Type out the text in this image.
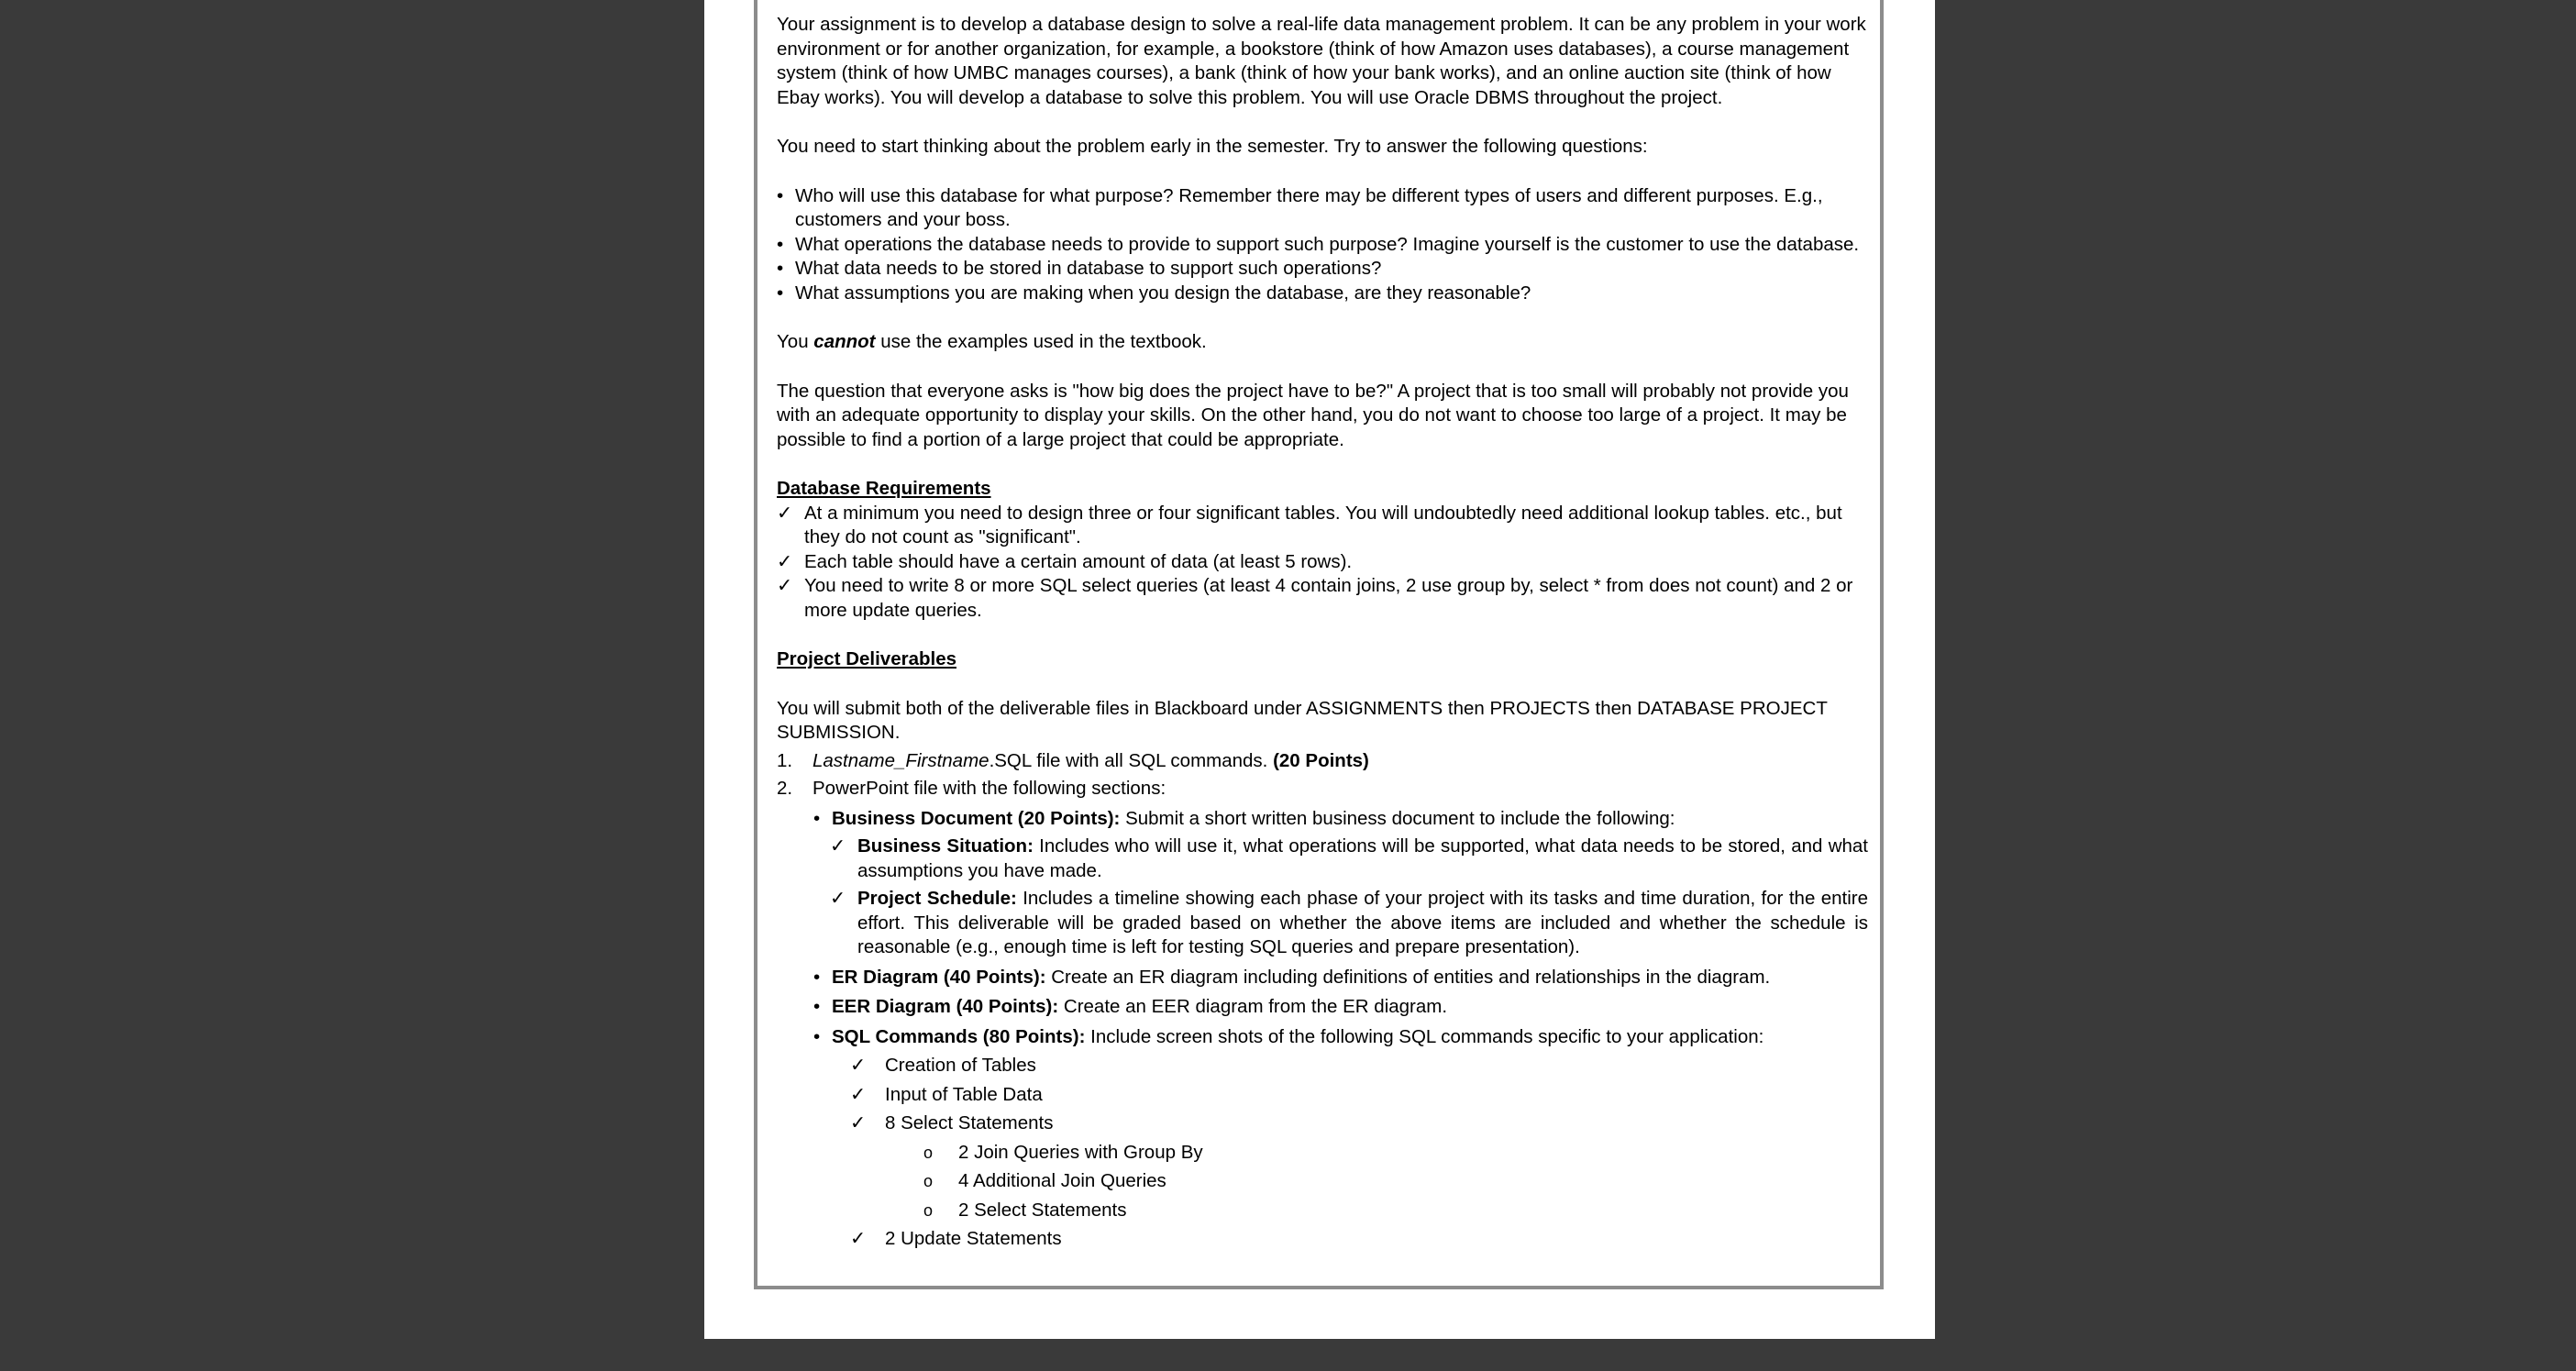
Your assignment is to develop a database design to solve a real-life data management problem. It can be any problem in your work environment or for another organization, for example, a bookstore (think of how Amazon uses databases), a course management system (think of how UMBC manages courses), a bank (think of how your bank works), and an online auction site (think of how Ebay works). You will develop a database to solve this problem. You will use Oracle DBMS throughout the project.

You need to start thinking about the problem early in the semester. Try to answer the following questions:

• Who will use this database for what purpose? Remember there may be different types of users and different purposes. E.g., customers and your boss.
• What operations the database needs to provide to support such purpose? Imagine yourself is the customer to use the database.
• What data needs to be stored in database to support such operations?
• What assumptions you are making when you design the database, are they reasonable?

You cannot use the examples used in the textbook.

The question that everyone asks is "how big does the project have to be?" A project that is too small will probably not provide you with an adequate opportunity to display your skills. On the other hand, you do not want to choose too large of a project. It may be possible to find a portion of a large project that could be appropriate.

Database Requirements

✓ At a minimum you need to design three or four significant tables. You will undoubtedly need additional lookup tables. etc., but they do not count as "significant".
✓ Each table should have a certain amount of data (at least 5 rows).
✓ You need to write 8 or more SQL select queries (at least 4 contain joins, 2 use group by, select * from does not count) and 2 or more update queries.

Project Deliverables

You will submit both of the deliverable files in Blackboard under ASSIGNMENTS then PROJECTS then DATABASE PROJECT SUBMISSION.

1. Lastname_Firstname.SQL file with all SQL commands. (20 Points)
2. PowerPoint file with the following sections:
• Business Document (20 Points): Submit a short written business document to include the following:
✓ Business Situation: Includes who will use it, what operations will be supported, what data needs to be stored, and what assumptions you have made.
✓ Project Schedule: Includes a timeline showing each phase of your project with its tasks and time duration, for the entire effort. This deliverable will be graded based on whether the above items are included and whether the schedule is reasonable (e.g., enough time is left for testing SQL queries and prepare presentation).
• ER Diagram (40 Points): Create an ER diagram including definitions of entities and relationships in the diagram.
• EER Diagram (40 Points): Create an EER diagram from the ER diagram.
• SQL Commands (80 Points): Include screen shots of the following SQL commands specific to your application:
✓ Creation of Tables
✓ Input of Table Data
✓ 8 Select Statements
o 2 Join Queries with Group By
o 4 Additional Join Queries
o 2 Select Statements
✓ 2 Update Statements
